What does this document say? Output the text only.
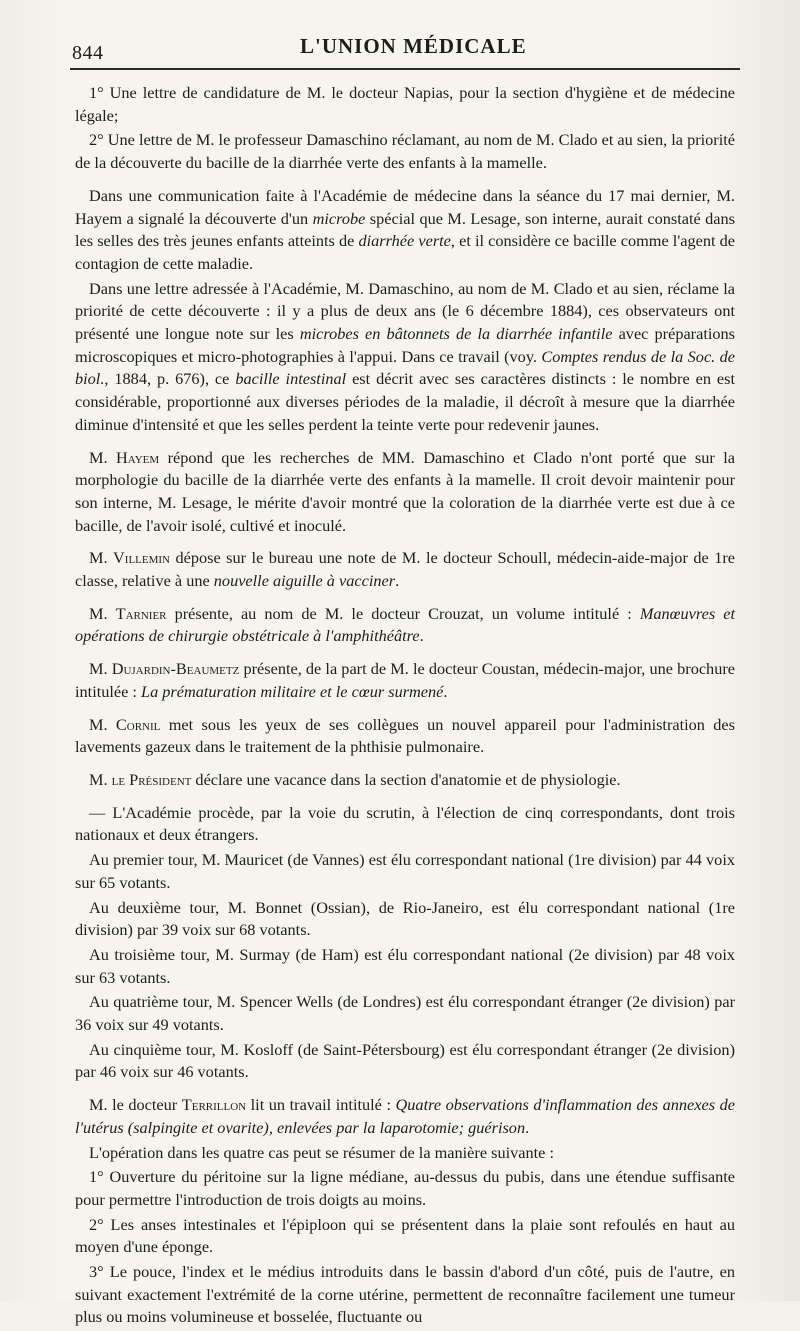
844	L'UNION MÉDICALE

1° Une lettre de candidature de M. le docteur Napias, pour la section d'hygiène et de médecine légale;

2° Une lettre de M. le professeur Damaschino réclamant, au nom de M. Clado et au sien, la priorité de la découverte du bacille de la diarrhée verte des enfants à la mamelle.

Dans une communication faite à l'Académie de médecine dans la séance du 17 mai dernier, M. Hayem a signalé la découverte d'un microbe spécial que M. Lesage, son interne, aurait constaté dans les selles des très jeunes enfants atteints de diarrhée verte, et il considère ce bacille comme l'agent de contagion de cette maladie.

Dans une lettre adressée à l'Académie, M. Damaschino, au nom de M. Clado et au sien, réclame la priorité de cette découverte : il y a plus de deux ans (le 6 décembre 1884), ces observateurs ont présenté une longue note sur les microbes en bâtonnets de la diarrhée infantile avec préparations microscopiques et micro-photographies à l'appui. Dans ce travail (voy. Comptes rendus de la Soc. de biol., 1884, p. 676), ce bacille intestinal est décrit avec ses caractères distincts : le nombre en est considérable, proportionné aux diverses périodes de la maladie, il décroît à mesure que la diarrhée diminue d'intensité et que les selles perdent la teinte verte pour redevenir jaunes.

M. Hayem répond que les recherches de MM. Damaschino et Clado n'ont porté que sur la morphologie du bacille de la diarrhée verte des enfants à la mamelle. Il croit devoir maintenir pour son interne, M. Lesage, le mérite d'avoir montré que la coloration de la diarrhée verte est due à ce bacille, de l'avoir isolé, cultivé et inoculé.

M. Villemin dépose sur le bureau une note de M. le docteur Schoull, médecin-aide-major de 1re classe, relative à une nouvelle aiguille à vacciner.

M. Tarnier présente, au nom de M. le docteur Crouzat, un volume intitulé : Manœuvres et opérations de chirurgie obstétricale à l'amphithéâtre.

M. Dujardin-Beaumetz présente, de la part de M. le docteur Coustan, médecin-major, une brochure intitulée : La prématuration militaire et le cœur surmené.

M. Cornil met sous les yeux de ses collègues un nouvel appareil pour l'administration des lavements gazeux dans le traitement de la phthisie pulmonaire.

M. le Président déclare une vacance dans la section d'anatomie et de physiologie.

— L'Académie procède, par la voie du scrutin, à l'élection de cinq correspondants, dont trois nationaux et deux étrangers.

Au premier tour, M. Mauricet (de Vannes) est élu correspondant national (1re division) par 44 voix sur 65 votants.

Au deuxième tour, M. Bonnet (Ossian), de Rio-Janeiro, est élu correspondant national (1re division) par 39 voix sur 68 votants.

Au troisième tour, M. Surmay (de Ham) est élu correspondant national (2e division) par 48 voix sur 63 votants.

Au quatrième tour, M. Spencer Wells (de Londres) est élu correspondant étranger (2e division) par 36 voix sur 49 votants.

Au cinquième tour, M. Kosloff (de Saint-Pétersbourg) est élu correspondant étranger (2e division) par 46 voix sur 46 votants.

M. le docteur Terrillon lit un travail intitulé : Quatre observations d'inflammation des annexes de l'utérus (salpingite et ovarite), enlevées par la laparotomie; guérison.

L'opération dans les quatre cas peut se résumer de la manière suivante :

1° Ouverture du péritoine sur la ligne médiane, au-dessus du pubis, dans une étendue suffisante pour permettre l'introduction de trois doigts au moins.

2° Les anses intestinales et l'épiploon qui se présentent dans la plaie sont refoulés en haut au moyen d'une éponge.

3° Le pouce, l'index et le médius introduits dans le bassin d'abord d'un côté, puis de l'autre, en suivant exactement l'extrémité de la corne utérine, permettent de reconnaître facilement une tumeur plus ou moins volumineuse et bosselée, fluctuante ou
